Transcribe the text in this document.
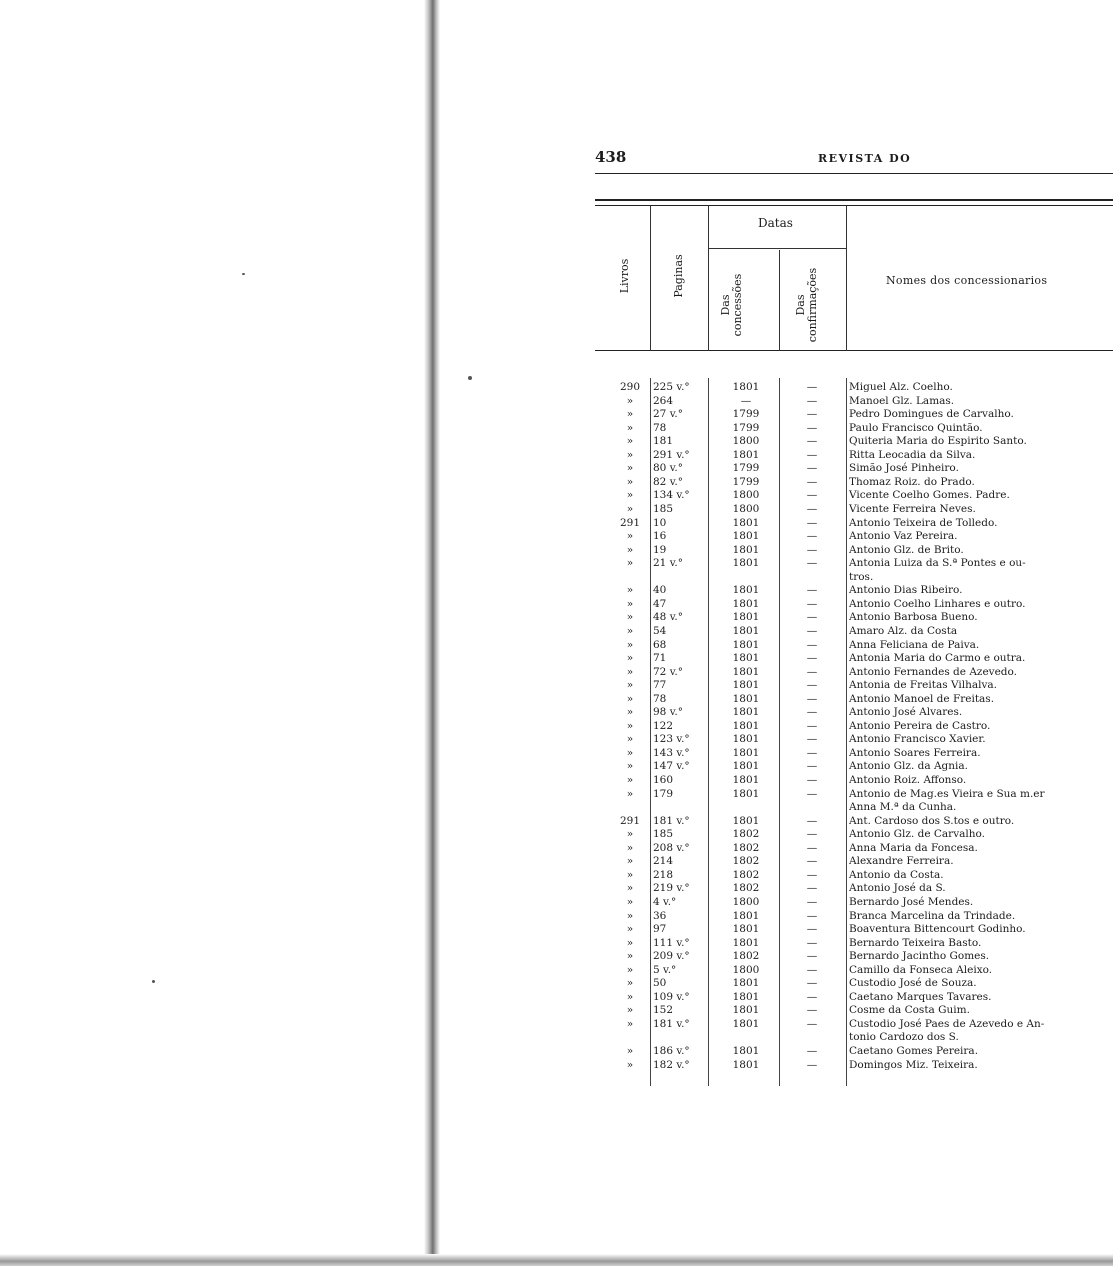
438	REVISTA DO
Livros	Paginas
Datas
Das concessões	Das confirmações	Nomes dos concessionarios
290	225 v.°	1801	—	Miguel Alz. Coelho.
»	264	—	—	Manoel Glz. Lamas.
»	27 v.°	1799	—	Pedro Domingues de Carvalho.
»	78	1799	—	Paulo Francisco Quintão.
»	181	1800	—	Quiteria Maria do Espirito Santo.
»	291 v.°	1801	—	Ritta Leocadia da Silva.
»	80 v.°	1799	—	Simão José Pinheiro.
»	82 v.°	1799	—	Thomaz Roiz. do Prado.
»	134 v.°	1800	—	Vicente Coelho Gomes. Padre.
»	185	1800	—	Vicente Ferreira Neves.
291	10	1801	—	Antonio Teixeira de Tolledo.
»	16	1801	—	Antonio Vaz Pereira.
»	19	1801	—	Antonio Glz. de Brito.
»	21 v.°	1801	—	Antonia Luiza da S.ª Pontes e ou-
tros.
»	40	1801	—	Antonio Dias Ribeiro.
»	47	1801	—	Antonio Coelho Linhares e outro.
»	48 v.°	1801	—	Antonio Barbosa Bueno.
»	54	1801	—	Amaro Alz. da Costa
»	68	1801	—	Anna Feliciana de Paiva.
»	71	1801	—	Antonia Maria do Carmo e outra.
»	72 v.°	1801	—	Antonio Fernandes de Azevedo.
»	77	1801	—	Antonia de Freitas Vilhalva.
»	78	1801	—	Antonio Manoel de Freitas.
»	98 v.°	1801	—	Antonio José Alvares.
»	122	1801	—	Antonio Pereira de Castro.
»	123 v.°	1801	—	Antonio Francisco Xavier.
»	143 v.°	1801	—	Antonio Soares Ferreira.
»	147 v.°	1801	—	Antonio Glz. da Agnia.
»	160	1801	—	Antonio Roiz. Affonso.
»	179	1801	—	Antonio de Mag.es Vieira e Sua m.er
Anna M.ª da Cunha.
291	181 v.°	1801	—	Ant. Cardoso dos S.tos e outro.
»	185	1802	—	Antonio Glz. de Carvalho.
»	208 v.°	1802	—	Anna Maria da Foncesa.
»	214	1802	—	Alexandre Ferreira.
»	218	1802	—	Antonio da Costa.
»	219 v.°	1802	—	Antonio José da S.
»	4 v.°	1800	—	Bernardo José Mendes.
»	36	1801	—	Branca Marcelina da Trindade.
»	97	1801	—	Boaventura Bittencourt Godinho.
»	111 v.°	1801	—	Bernardo Teixeira Basto.
»	209 v.°	1802	—	Bernardo Jacintho Gomes.
»	5 v.°	1800	—	Camillo da Fonseca Aleixo.
»	50	1801	—	Custodio José de Souza.
»	109 v.°	1801	—	Caetano Marques Tavares.
»	152	1801	—	Cosme da Costa Guim.
»	181 v.°	1801	—	Custodio José Paes de Azevedo e An-
tonio Cardozo dos S.
»	186 v.°	1801	—	Caetano Gomes Pereira.
»	182 v.°	1801	—	Domingos Miz. Teixeira.
